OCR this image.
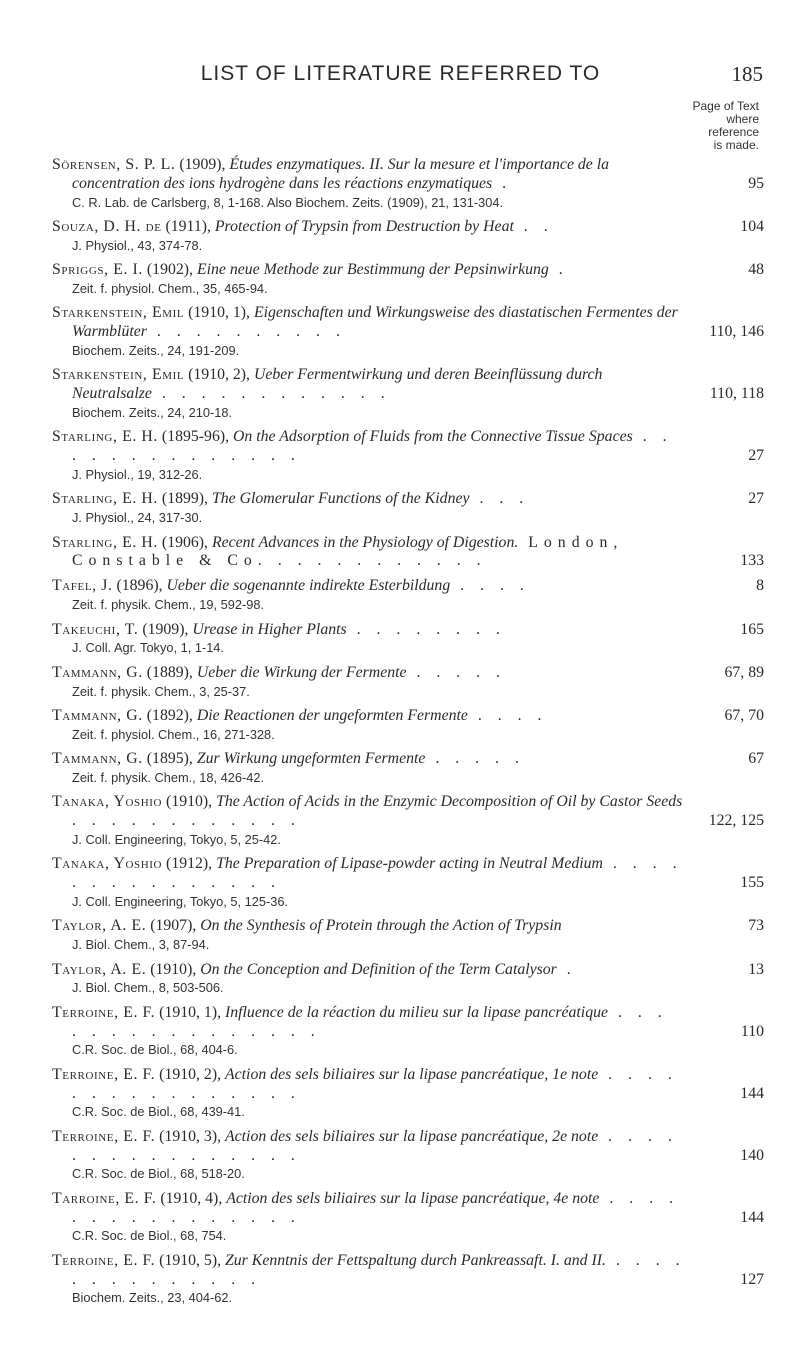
LIST OF LITERATURE REFERRED TO	185
Page of Text
where
reference
is made.
Sörensen, S. P. L. (1909), Études enzymatiques. II. Sur la mesure et l'importance de la concentration des ions hydrogène dans les réactions enzymatiques .	95
C. R. Lab. de Carlsberg, 8, 1-168. Also Biochem. Zeits. (1909), 21, 131-304.
Souza, D. H. de (1911), Protection of Trypsin from Destruction by Heat . .	104
J. Physiol., 43, 374-78.
Spriggs, E. I. (1902), Eine neue Methode zur Bestimmung der Pepsinwirkung .	48
Zeit. f. physiol. Chem., 35, 465-94.
Starkenstein, Emil (1910, 1), Eigenschaften und Wirkungsweise des diastatischen Fermentes der Warmblüter . . . . . . . . . .	110, 146
Biochem. Zeits., 24, 191-209.
Starkenstein, Emil (1910, 2), Ueber Fermentwirkung und deren Beeinflüssung durch Neutralsalze . . . . . . . . . . . .	110, 118
Biochem. Zeits., 24, 210-18.
Starling, E. H. (1895-96), On the Adsorption of Fluids from the Connective Tissue Spaces . . . . . . . . . . . . . .	27
J. Physiol., 19, 312-26.
Starling, E. H. (1899), The Glomerular Functions of the Kidney . . .	27
J. Physiol., 24, 317-30.
Starling, E. H. (1906), Recent Advances in the Physiology of Digestion. London, Constable & Co. . . . . . . . . . . .	133
Tafel, J. (1896), Ueber die sogenannte indirekte Esterbildung . . . .	8
Zeit. f. physik. Chem., 19, 592-98.
Takeuchi, T. (1909), Urease in Higher Plants . . . . . . . .	165
J. Coll. Agr. Tokyo, 1, 1-14.
Tammann, G. (1889), Ueber die Wirkung der Fermente . . . . .	67, 89
Zeit. f. physik. Chem., 3, 25-37.
Tammann, G. (1892), Die Reactionen der ungeformten Fermente . . . .	67, 70
Zeit. f. physiol. Chem., 16, 271-328.
Tammann, G. (1895), Zur Wirkung ungeformten Fermente . . . . .	67
Zeit. f. physik. Chem., 18, 426-42.
Tanaka, Yoshio (1910), The Action of Acids in the Enzymic Decomposition of Oil by Castor Seeds . . . . . . . . . . . .	122, 125
J. Coll. Engineering, Tokyo, 5, 25-42.
Tanaka, Yoshio (1912), The Preparation of Lipase-powder acting in Neutral Medium . . . . . . . . . . . . . . .	155
J. Coll. Engineering, Tokyo, 5, 125-36.
Taylor, A. E. (1907), On the Synthesis of Protein through the Action of Trypsin	73
J. Biol. Chem., 3, 87-94.
Taylor, A. E. (1910), On the Conception and Definition of the Term Catalysor .	13
J. Biol. Chem., 8, 503-506.
Terroine, E. F. (1910, 1), Influence de la réaction du milieu sur la lipase pancréatique . . . . . . . . . . . . . . . .	110
C.R. Soc. de Biol., 68, 404-6.
Terroine, E. F. (1910, 2), Action des sels biliaires sur la lipase pancréatique, 1e note . . . . . . . . . . . . . . . .	144
C.R. Soc. de Biol., 68, 439-41.
Terroine, E. F. (1910, 3), Action des sels biliaires sur la lipase pancréatique, 2e note . . . . . . . . . . . . . . . .	140
C.R. Soc. de Biol., 68, 518-20.
Tarroine, E. F. (1910, 4), Action des sels biliaires sur la lipase pancréatique, 4e note . . . . . . . . . . . . . . . .	144
C.R. Soc. de Biol., 68, 754.
Terroine, E. F. (1910, 5), Zur Kenntnis der Fettspaltung durch Pankreassaft. I. and II. . . . . . . . . . . . . . .	127
Biochem. Zeits., 23, 404-62.
